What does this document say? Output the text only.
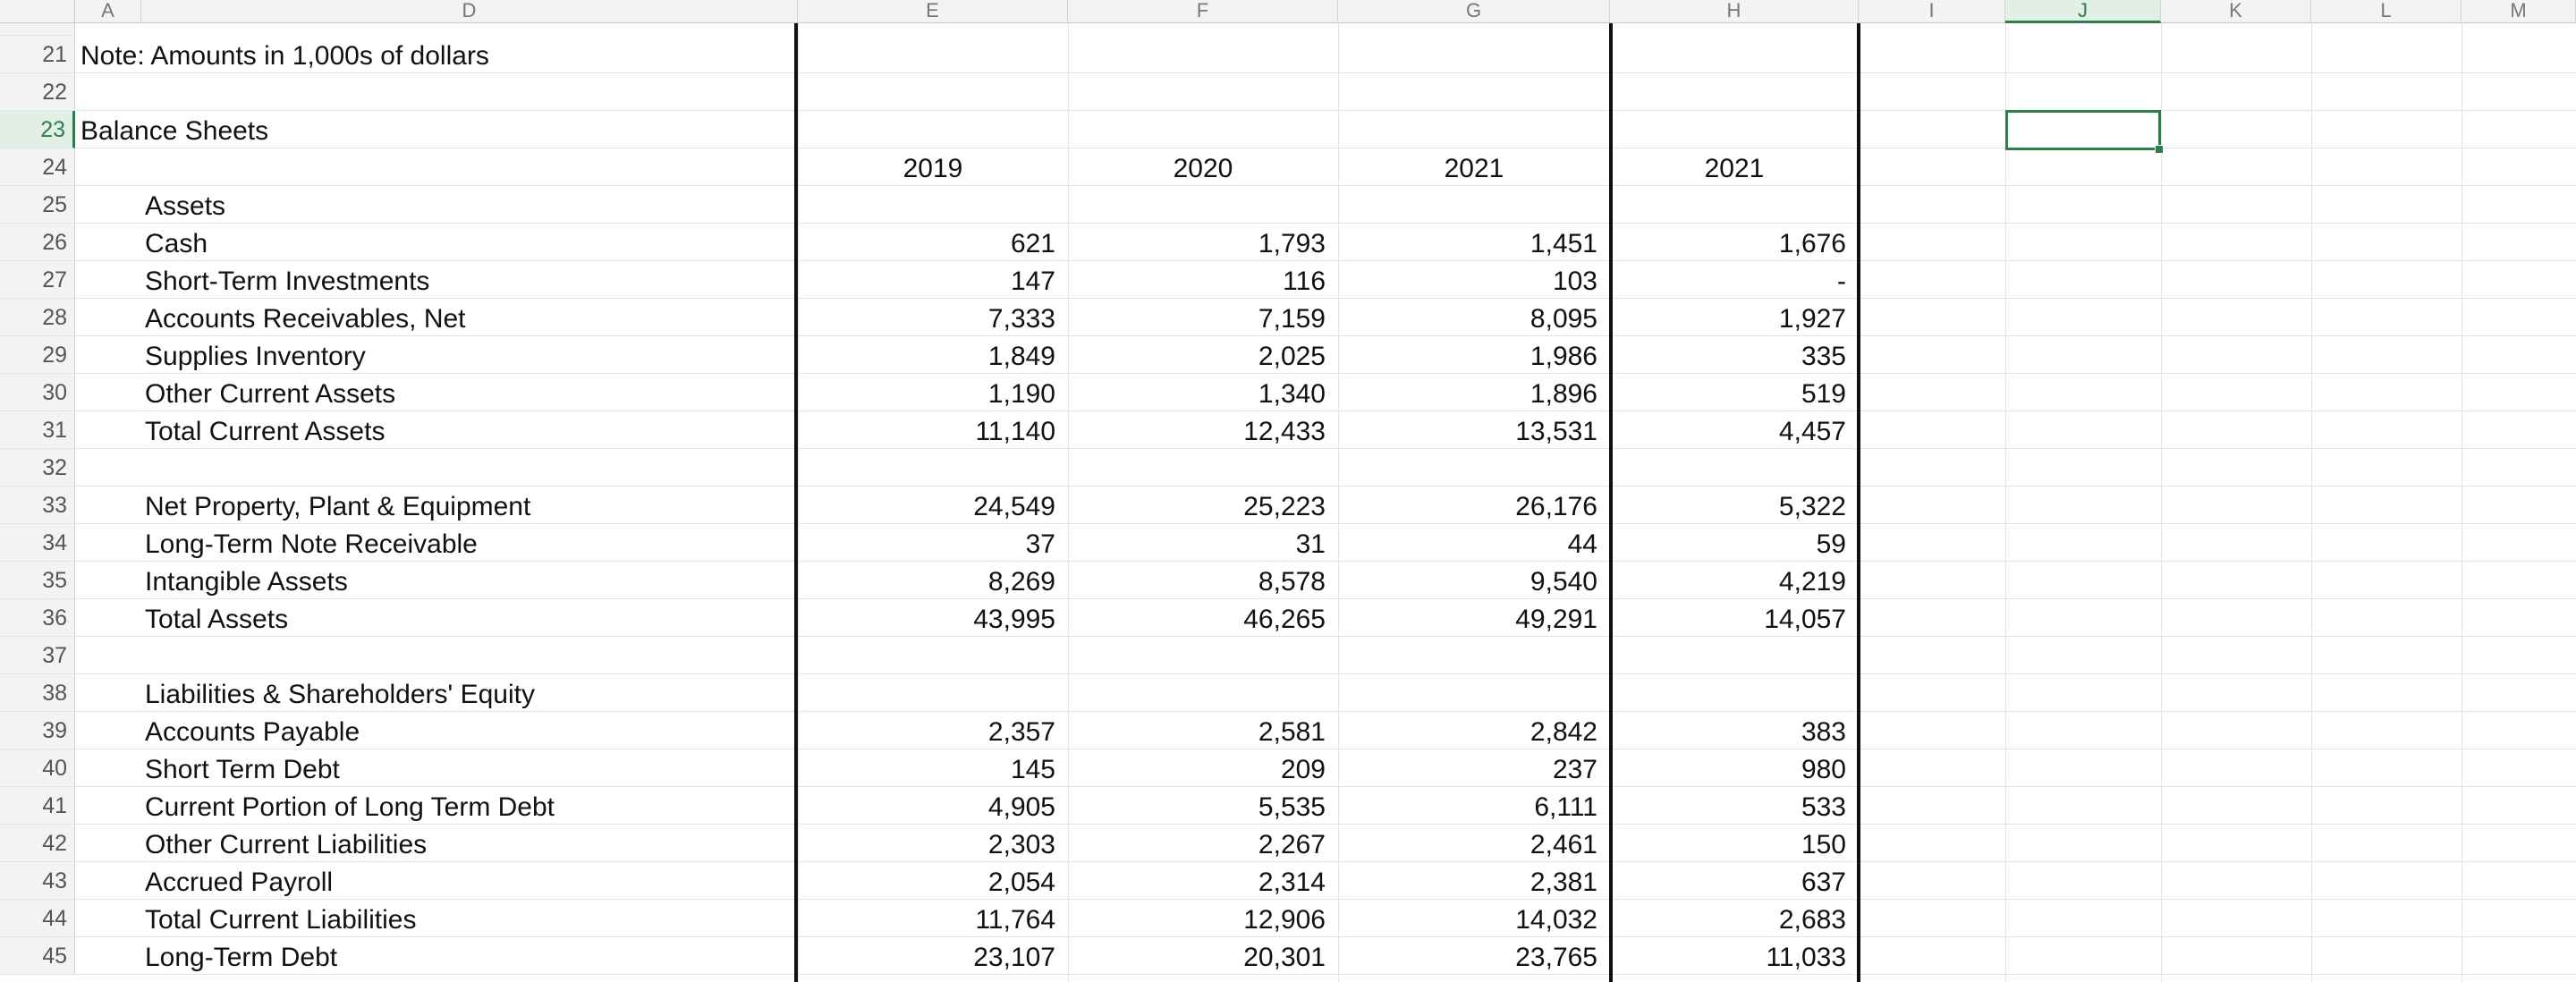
A	D	E	F	G	H	I	J	K	L	M
21
22
23
24
25
26
27
28
29
30
31
32
33
34
35
36
37
38
39
40
41
42
43
44
45
Note: Amounts in 1,000s of dollars
Balance Sheets
2019	2020	2021	2021
Assets
Cash	621	1,793	1,451	1,676
Short-Term Investments	147	116	103	-
Accounts Receivables, Net	7,333	7,159	8,095	1,927
Supplies Inventory	1,849	2,025	1,986	335
Other Current Assets	1,190	1,340	1,896	519
Total Current Assets	11,140	12,433	13,531	4,457
Net Property, Plant & Equipment	24,549	25,223	26,176	5,322
Long-Term Note Receivable	37	31	44	59
Intangible Assets	8,269	8,578	9,540	4,219
Total Assets	43,995	46,265	49,291	14,057
Liabilities & Shareholders' Equity
Accounts Payable	2,357	2,581	2,842	383
Short Term Debt	145	209	237	980
Current Portion of Long Term Debt	4,905	5,535	6,111	533
Other Current Liabilities	2,303	2,267	2,461	150
Accrued Payroll	2,054	2,314	2,381	637
Total Current Liabilities	11,764	12,906	14,032	2,683
Long-Term Debt	23,107	20,301	23,765	11,033
